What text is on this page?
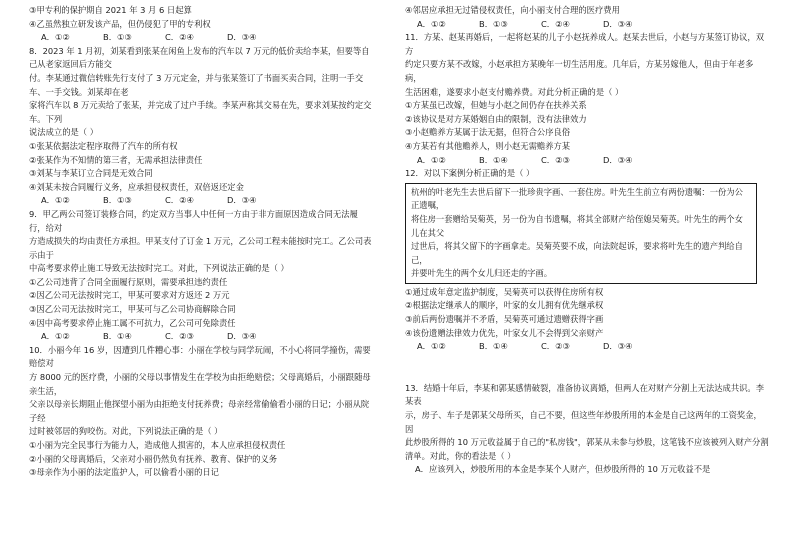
③甲专利的保护期自 2021 年 3 月 6 日起算

④乙虽然独立研发该产品，但仍侵犯了甲的专利权

A．①②	B．①③	C．②④	D．③④

8．2023 年 1 月初，刘某看到张某在闲鱼上发布的汽车以 7 万元的低价卖给李某，但要等自己从老家返回后方能交

付。李某通过微信转账先行支付了 3 万元定金，并与张某签订了书面买卖合同，注明一手交车、一手交钱。刘某却在老

家将汽车以 8 万元卖给了张某，并完成了过户手续。李某声称其交易在先，要求刘某按约定交车。下列

说法成立的是（ ）

①张某依据法定程序取得了汽车的所有权

②张某作为不知情的第三者，无需承担法律责任

③刘某与李某订立合同是无效合同

④刘某未按合同履行义务，应承担侵权责任，双倍返还定金

A．①②	B．①③	C．②④	D．③④

9．甲乙两公司签订装修合同，约定双方当事人中任何一方由于非方面原因造成合同无法履行，给对

方造成损失的均由责任方承担。甲某支付了订金 1 万元，乙公司工程未能按时完工。乙公司表示由于

中高考要求停止施工导致无法按时完工。对此，下列说法正确的是（ ）

①乙公司违背了合同全面履行原则，需要承担违约责任

②因乙公司无法按时完工，甲某可要求对方返还 2 万元

③因乙公司无法按时完工，甲某可与乙公司协商解除合同

④因中高考要求停止施工属不可抗力，乙公司可免除责任

A．①②	B．①④	C．②③	D．③④

10．小丽今年 16 岁，因遭到几件糟心事：小丽在学校与同学玩闹，不小心将同学撞伤，需要赔偿对

方 8000 元的医疗费，小丽的父母以事情发生在学校为由拒绝赔偿；父母离婚后，小丽跟随母亲生活，

父亲以母亲长期阻止他探望小丽为由拒绝支付抚养费；母亲经常偷偷看小丽的日记；小丽从院子经

过时被邻居的狗咬伤。对此，下列说法正确的是（ ）

①小丽为完全民事行为能力人，造成他人损害的，本人应承担侵权责任

②小丽的父母离婚后，父亲对小丽仍然负有抚养、教育、保护的义务

③母亲作为小丽的法定监护人，可以偷看小丽的日记

④邻居应承担无过错侵权责任，向小丽支付合理的医疗费用

A．①②	B．①③	C．②④	D．③④

11．方某、赵某再婚后，一起将赵某的儿子小赵抚养成人。赵某去世后，小赵与方某签订协议，双方

约定只要方某不改嫁，小赵承担方某晚年一切生活用度。几年后，方某另嫁他人，但由于年老多病，

生活困难，遂要求小赵支付赡养费。对此分析正确的是（ ）

①方某虽已改嫁，但她与小赵之间仍存在扶养关系

②该协议是对方某婚姻自由的限制，没有法律效力

③小赵赡养方某属于法无据，但符合公序良俗

④方某若有其他赡养人，则小赵无需赡养方某

A．①②	B．①④	C．②③	D．③④

12．对以下案例分析正确的是（ ）

杭州的叶老先生去世后留下一批珍贵字画、一套住房。叶先生生前立有两份遗嘱：一份为公正遗嘱，

将住房一套赠给吴菊英，另一份为自书遗嘱，将其全部财产给侄媳吴菊英。叶先生的两个女儿在其父

过世后，将其父留下的字画拿走。吴菊英要不成，向法院起诉，要求将叶先生的遗产判给自己，

并要叶先生的两个女儿归还走的字画。

①通过成年意定监护制度，吴菊英可以获得住房所有权

②根据法定继承人的顺序，叶家的女儿拥有优先继承权

③前后两份遗嘱并不矛盾，吴菊英可通过遗赠获得字画

④该份遗赠法律效力优先，叶家女儿不会得到父亲财产

A．①②	B．①④	C．②③	D．③④

13．结婚十年后，李某和郭某感情破裂，准备协议离婚，但两人在对财产分割上无法达成共识。李某表

示，房子、车子是郭某父母所买，自己不要，但这些年炒股所用的本金是自己这两年的工资奖金，因

此炒股所得的 10 万元收益属于自己的"私房钱"，郭某从未参与炒股，这笔钱不应该被列入财产分割

清单。对此，你的看法是（ ）

A．应该列入，炒股所用的本金是李某个人财产，但炒股所得的 10 万元收益不是
